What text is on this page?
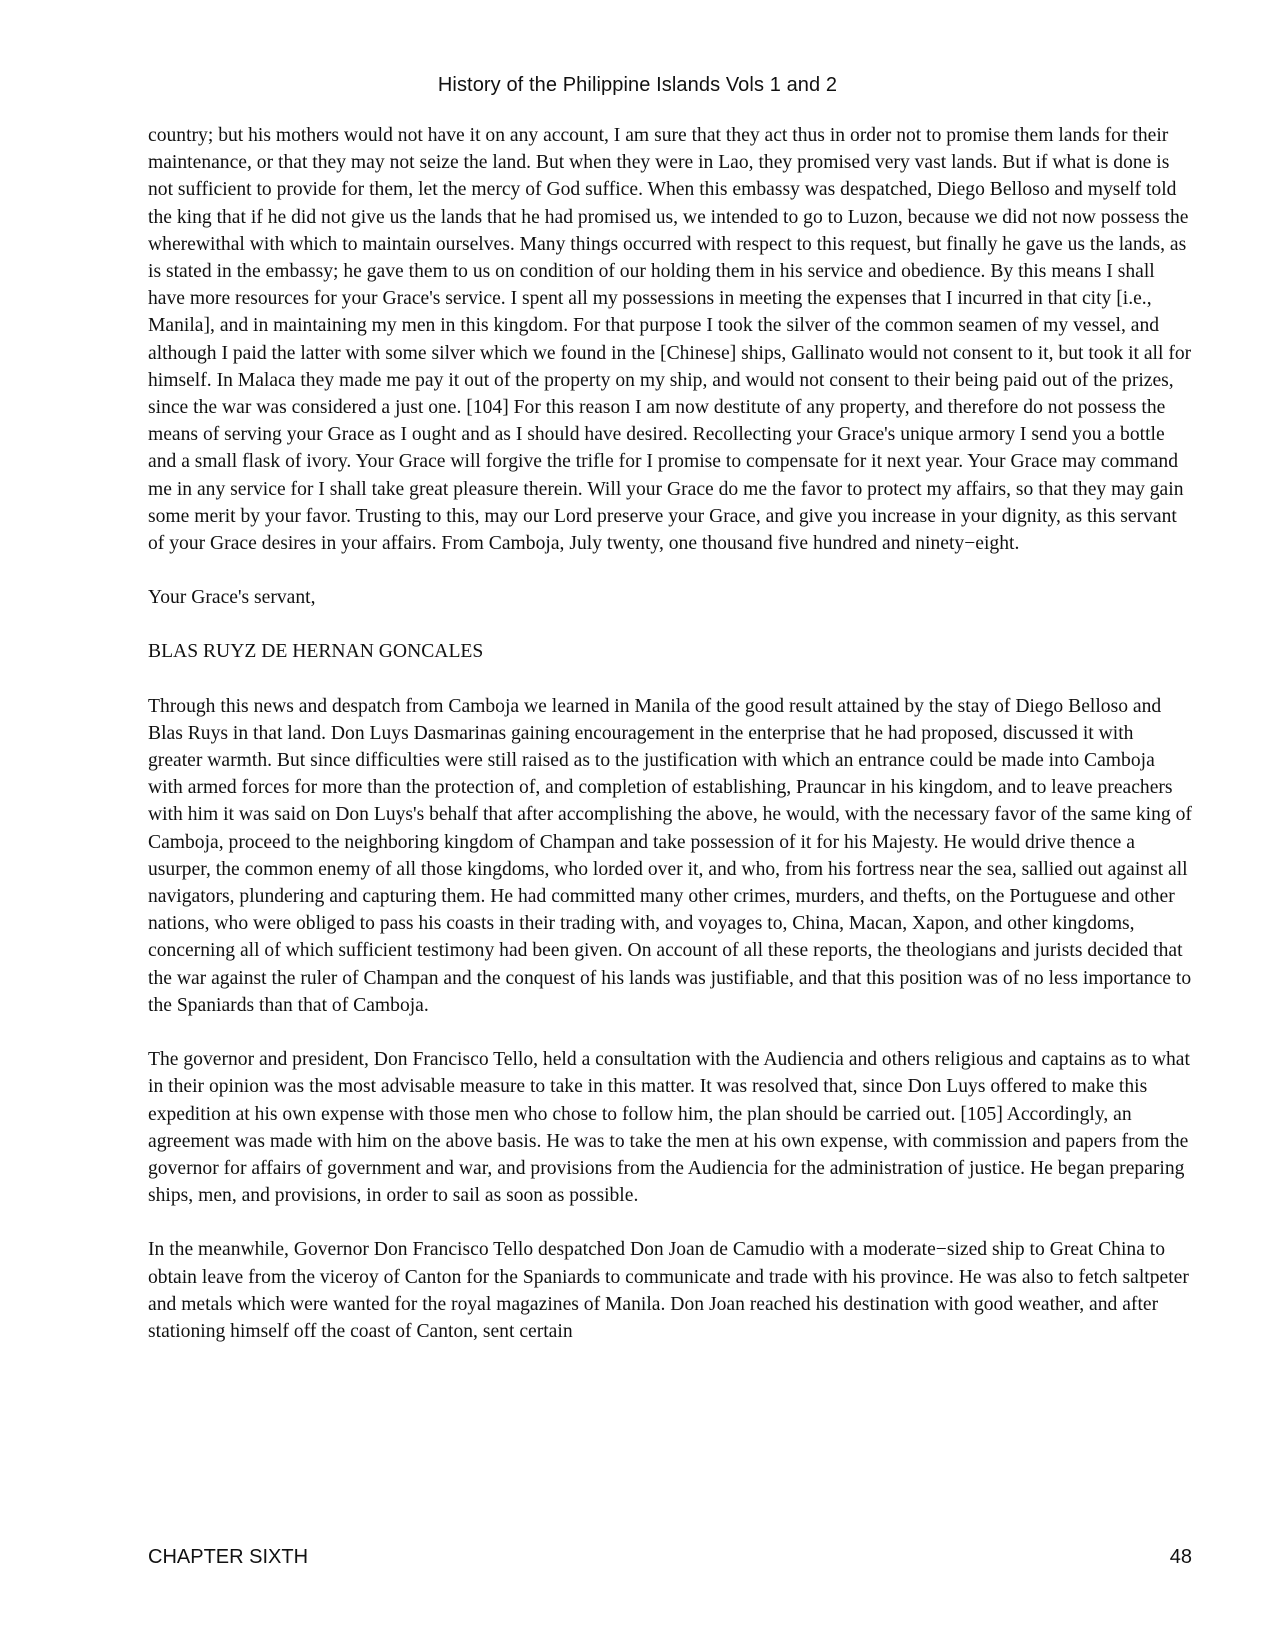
History of the Philippine Islands Vols 1 and 2

country; but his mothers would not have it on any account, I am sure that they act thus in order not to promise them lands for their maintenance, or that they may not seize the land. But when they were in Lao, they promised very vast lands. But if what is done is not sufficient to provide for them, let the mercy of God suffice. When this embassy was despatched, Diego Belloso and myself told the king that if he did not give us the lands that he had promised us, we intended to go to Luzon, because we did not now possess the wherewithal with which to maintain ourselves. Many things occurred with respect to this request, but finally he gave us the lands, as is stated in the embassy; he gave them to us on condition of our holding them in his service and obedience. By this means I shall have more resources for your Grace's service. I spent all my possessions in meeting the expenses that I incurred in that city [i.e., Manila], and in maintaining my men in this kingdom. For that purpose I took the silver of the common seamen of my vessel, and although I paid the latter with some silver which we found in the [Chinese] ships, Gallinato would not consent to it, but took it all for himself. In Malaca they made me pay it out of the property on my ship, and would not consent to their being paid out of the prizes, since the war was considered a just one. [104] For this reason I am now destitute of any property, and therefore do not possess the means of serving your Grace as I ought and as I should have desired. Recollecting your Grace's unique armory I send you a bottle and a small flask of ivory. Your Grace will forgive the trifle for I promise to compensate for it next year. Your Grace may command me in any service for I shall take great pleasure therein. Will your Grace do me the favor to protect my affairs, so that they may gain some merit by your favor. Trusting to this, may our Lord preserve your Grace, and give you increase in your dignity, as this servant of your Grace desires in your affairs. From Camboja, July twenty, one thousand five hundred and ninety−eight.

Your Grace's servant,

BLAS RUYZ DE HERNAN GONCALES

Through this news and despatch from Camboja we learned in Manila of the good result attained by the stay of Diego Belloso and Blas Ruys in that land. Don Luys Dasmarinas gaining encouragement in the enterprise that he had proposed, discussed it with greater warmth. But since difficulties were still raised as to the justification with which an entrance could be made into Camboja with armed forces for more than the protection of, and completion of establishing, Prauncar in his kingdom, and to leave preachers with him it was said on Don Luys's behalf that after accomplishing the above, he would, with the necessary favor of the same king of Camboja, proceed to the neighboring kingdom of Champan and take possession of it for his Majesty. He would drive thence a usurper, the common enemy of all those kingdoms, who lorded over it, and who, from his fortress near the sea, sallied out against all navigators, plundering and capturing them. He had committed many other crimes, murders, and thefts, on the Portuguese and other nations, who were obliged to pass his coasts in their trading with, and voyages to, China, Macan, Xapon, and other kingdoms, concerning all of which sufficient testimony had been given. On account of all these reports, the theologians and jurists decided that the war against the ruler of Champan and the conquest of his lands was justifiable, and that this position was of no less importance to the Spaniards than that of Camboja.

The governor and president, Don Francisco Tello, held a consultation with the Audiencia and others religious and captains as to what in their opinion was the most advisable measure to take in this matter. It was resolved that, since Don Luys offered to make this expedition at his own expense with those men who chose to follow him, the plan should be carried out. [105] Accordingly, an agreement was made with him on the above basis. He was to take the men at his own expense, with commission and papers from the governor for affairs of government and war, and provisions from the Audiencia for the administration of justice. He began preparing ships, men, and provisions, in order to sail as soon as possible.

In the meanwhile, Governor Don Francisco Tello despatched Don Joan de Camudio with a moderate−sized ship to Great China to obtain leave from the viceroy of Canton for the Spaniards to communicate and trade with his province. He was also to fetch saltpeter and metals which were wanted for the royal magazines of Manila. Don Joan reached his destination with good weather, and after stationing himself off the coast of Canton, sent certain

CHAPTER SIXTH	48
